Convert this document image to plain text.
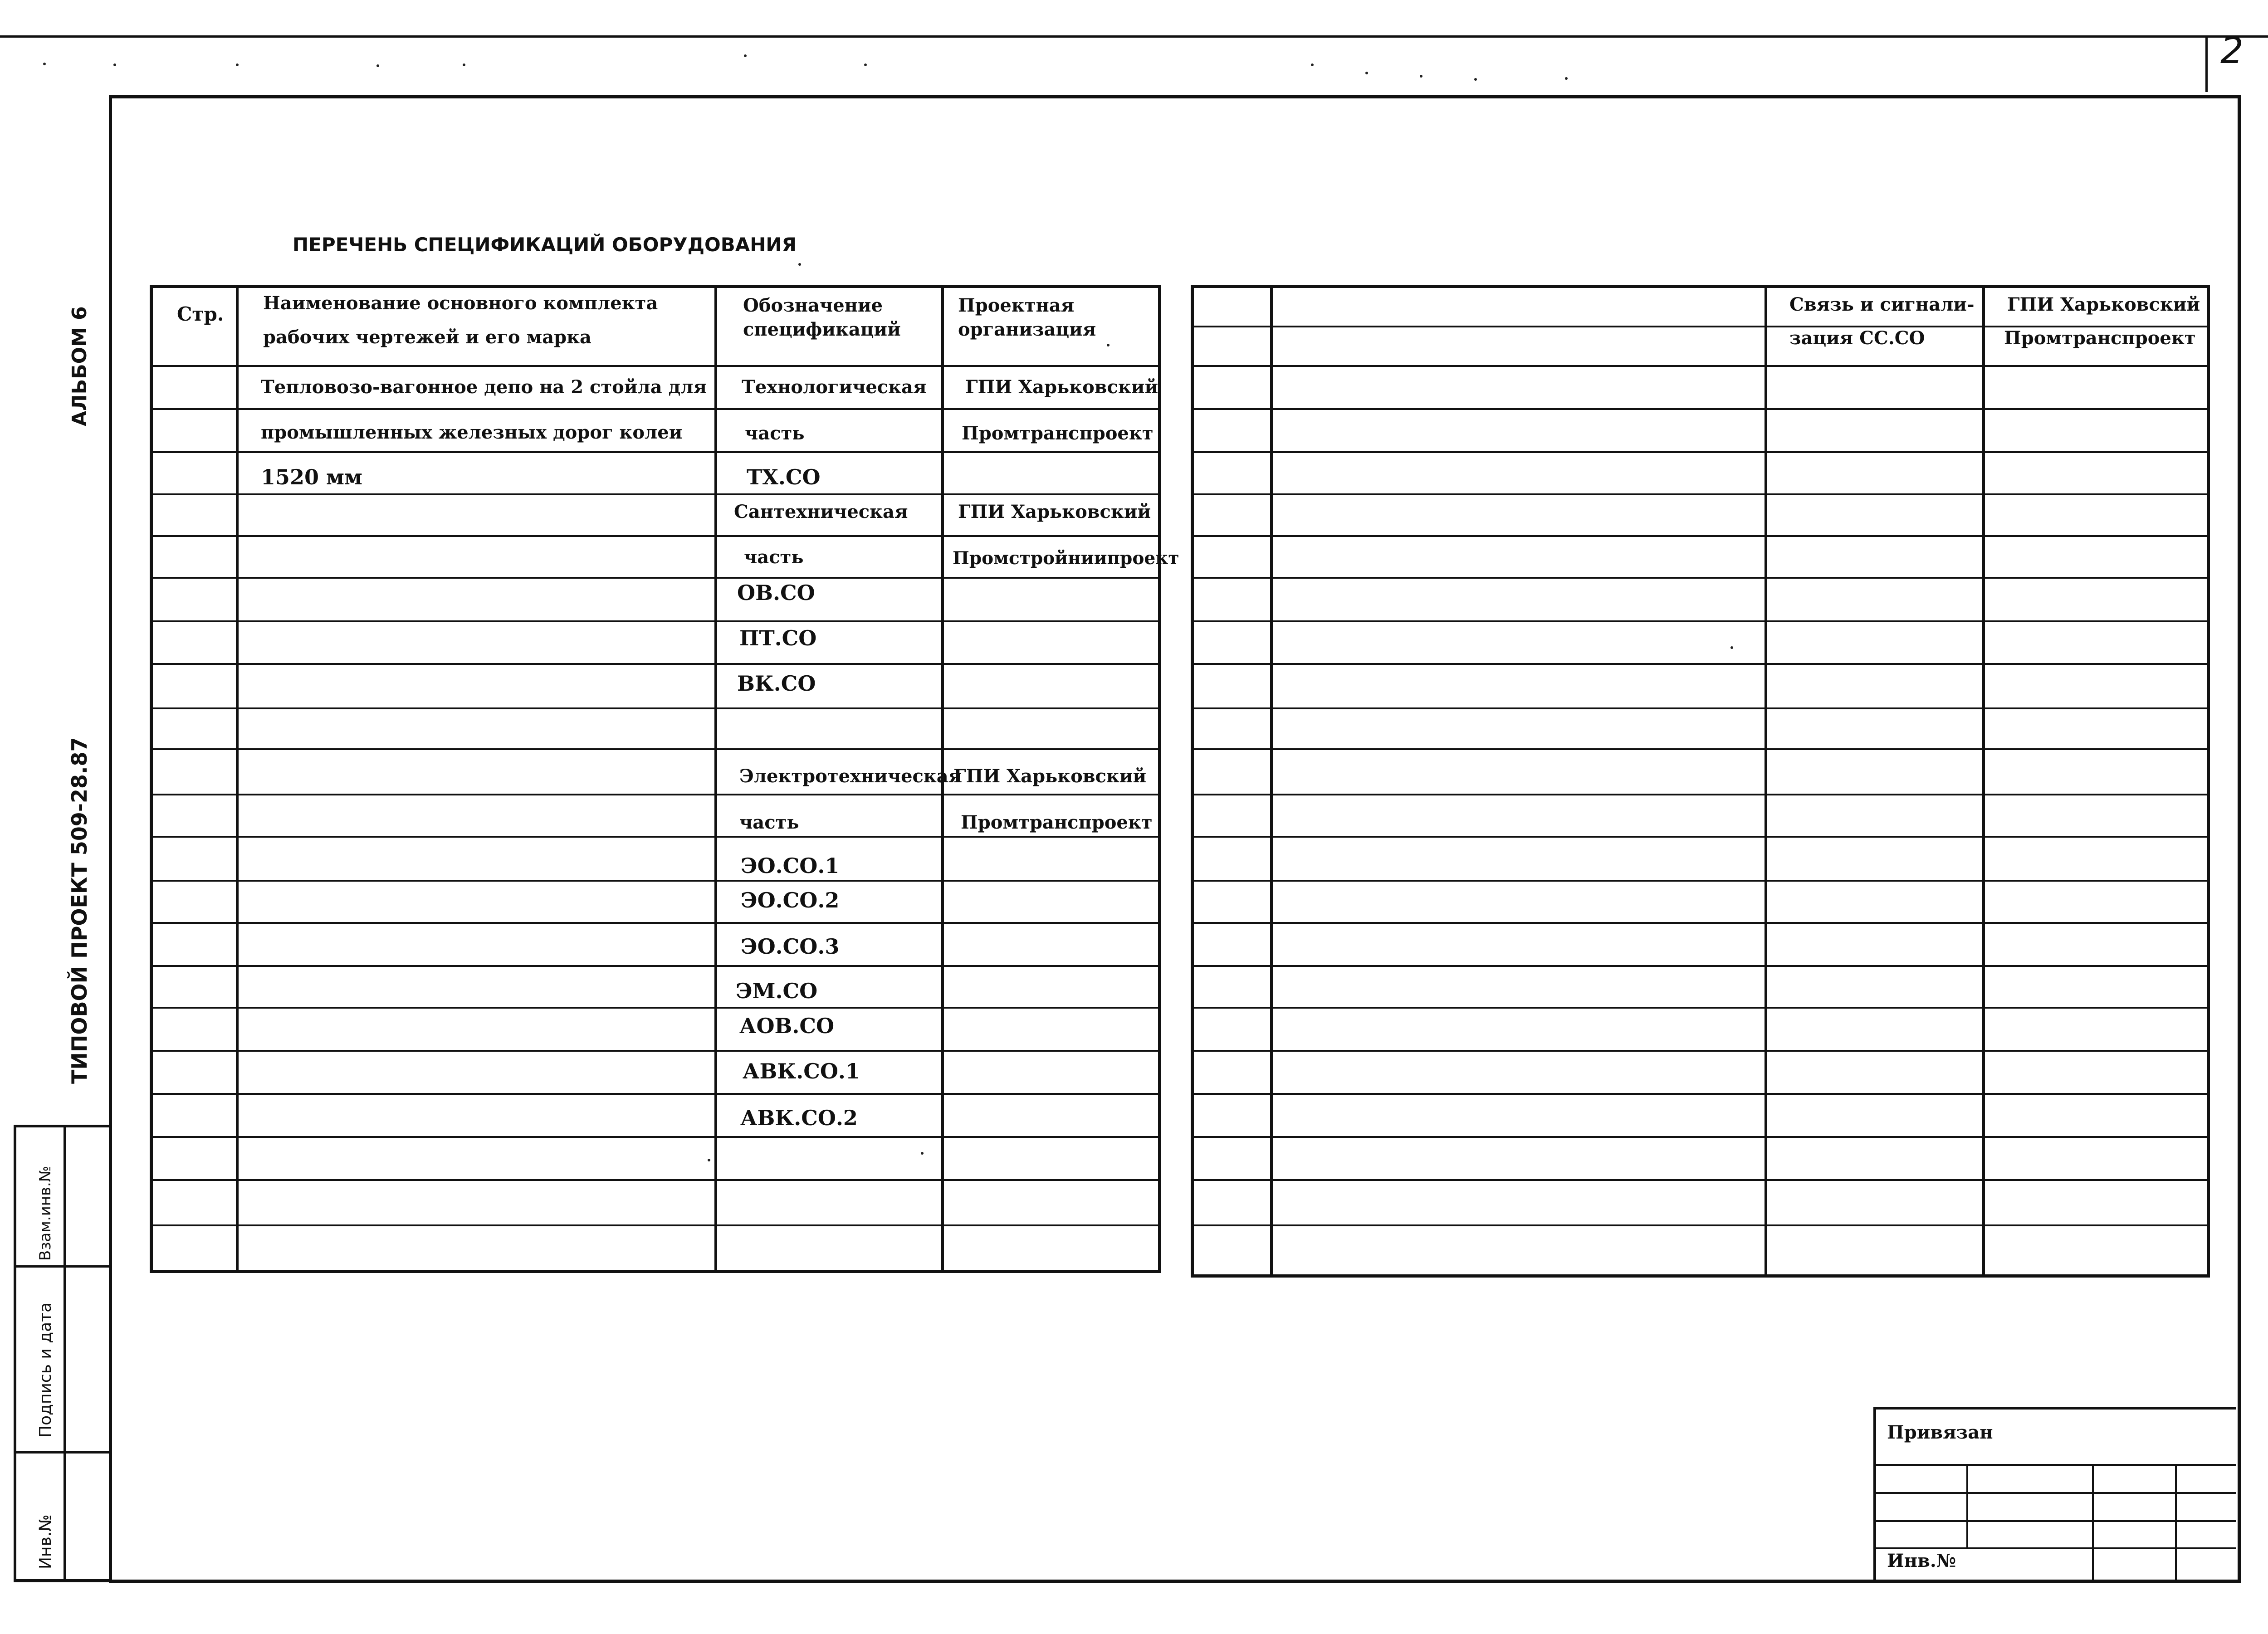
2
АЛЬБОМ 6
ТИПОВОЙ ПРОЕКТ 509-28.87
Взам.инв.№
Подпись и дата
Инв.№
ПЕРЕЧЕНЬ СПЕЦИФИКАЦИЙ ОБОРУДОВАНИЯ
Стр. Наименование основного комплекта
рабочих чертежей и его марка
Обозначение
спецификаций
Проектная
организация
Тепловозо-вагонное депо на 2 стойла для
промышленных железных дорог колеи
1520 мм
Технологическая
часть
ТХ.СО
Сантехническая
часть
ОВ.СО
ПТ.СО
ВК.СО
Электротехническая
часть
ЭО.СО.1
ЭО.СО.2
ЭО.СО.3
ЭМ.СО
АОВ.СО
АВК.СО.1
АВК.СО.2
ГПИ Харьковский
Промтранспроект
ГПИ Харьковский
Промстройниипроект
ГПИ Харьковский
Промтранспроект
Связь и сигнали-
зация СС.СО
ГПИ Харьковский
Промтранспроект
Привязан
Инв.№
